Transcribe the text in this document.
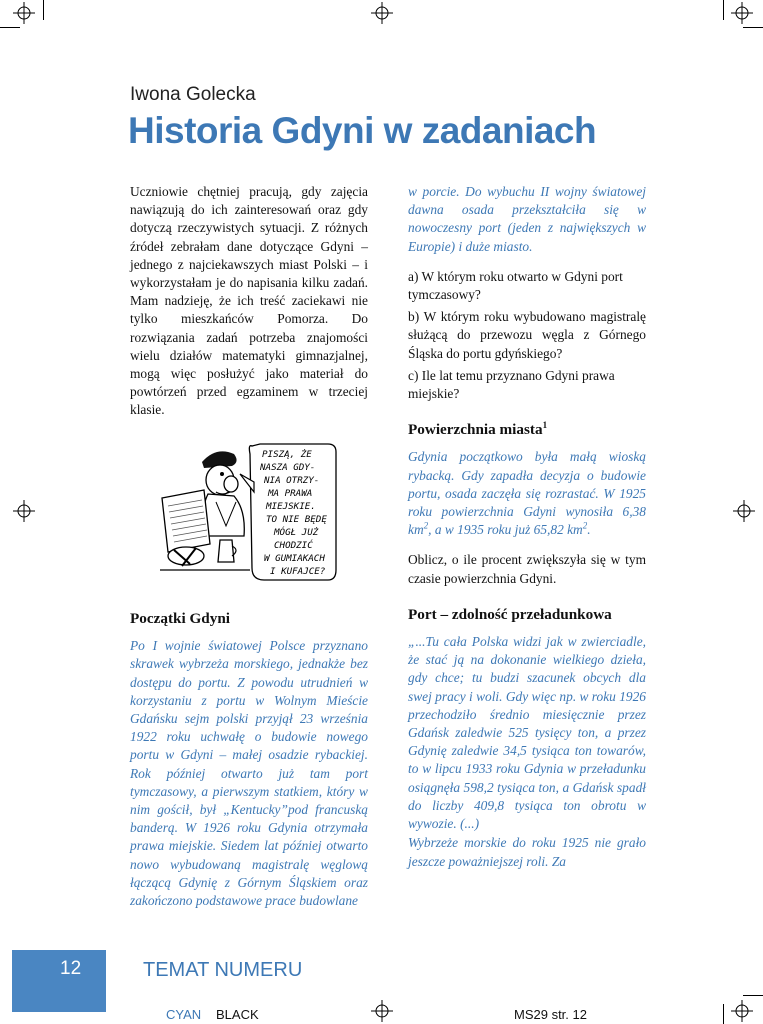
Iwona Golecka
Historia Gdyni w zadaniach

Uczniowie chętniej pracują, gdy zajęcia nawiązują do ich zainteresowań oraz gdy dotyczą rzeczywistych sytuacji. Z różnych źródeł zebrałam dane dotyczące Gdyni – jednego z najciekawszych miast Polski – i wykorzystałam je do napisania kilku zadań. Mam nadzieję, że ich treść zaciekawi nie tylko mieszkańców Pomorza. Do rozwiązania zadań potrzeba znajomości wielu działów matematyki gimnazjalnej, mogą więc posłużyć jako materiał do powtórzeń przed egzaminem w trzeciej klasie.

PISZĄ, ŻE
NASZA GDY-
NIA OTRZY-
MA PRAWA
MIEJSKIE.
TO NIE BĘDĘ
MÓGŁ JUŻ
CHODZIĆ
W GUMIAKACH
I KUFAJCE?

Początki Gdyni

Po I wojnie światowej Polsce przyznano skrawek wybrzeża morskiego, jednakże bez dostępu do portu. Z powodu utrudnień w korzystaniu z portu w Wolnym Mieście Gdańsku sejm polski przyjął 23 września 1922 roku uchwałę o budowie nowego portu w Gdyni – małej osadzie rybackiej. Rok później otwarto już tam port tymczasowy, a pierwszym statkiem, który w nim gościł, był „Kentucky”pod francuską banderą. W 1926 roku Gdynia otrzymała prawa miejskie. Siedem lat później otwarto nowo wybudowaną magistralę węglową łączącą Gdynię z Górnym Śląskiem oraz zakończono podstawowe prace budowlane

w porcie. Do wybuchu II wojny światowej dawna osada przekształciła się w nowoczesny port (jeden z największych w Europie) i duże miasto.

a) W którym roku otwarto w Gdyni port tymczasowy?

b) W którym roku wybudowano magistralę służącą do przewozu węgla z Górnego Śląska do portu gdyńskiego?

c) Ile lat temu przyznano Gdyni prawa miejskie?

Powierzchnia miasta$^1$

Gdynia początkowo była małą wioską rybacką. Gdy zapadła decyzja o budowie portu, osada zaczęła się rozrastać. W 1925 roku powierzchnia Gdyni wynosiła 6,38 $km^2$, a w 1935 roku już 65,82 $km^2$.

Oblicz, o ile procent zwiększyła się w tym czasie powierzchnia Gdyni.

Port – zdolność przeładunkowa

„...Tu cała Polska widzi jak w zwierciadle, że stać ją na dokonanie wielkiego dzieła, gdy chce; tu budzi szacunek obcych dla swej pracy i woli. Gdy więc np. w roku 1926 przechodziło średnio miesięcznie przez Gdańsk zaledwie 525 tysięcy ton, a przez Gdynię zaledwie 34,5 tysiąca ton towarów, to w lipcu 1933 roku Gdynia w przeładunku osiągnęła 598,2 tysiąca ton, a Gdańsk spadł do liczby 409,8 tysiąca ton obrotu w wywozie. (...)

Wybrzeże morskie do roku 1925 nie grało jeszcze poważniejszej roli. Za

12	TEMAT NUMERU
CYAN BLACK	MS29 str. 12
